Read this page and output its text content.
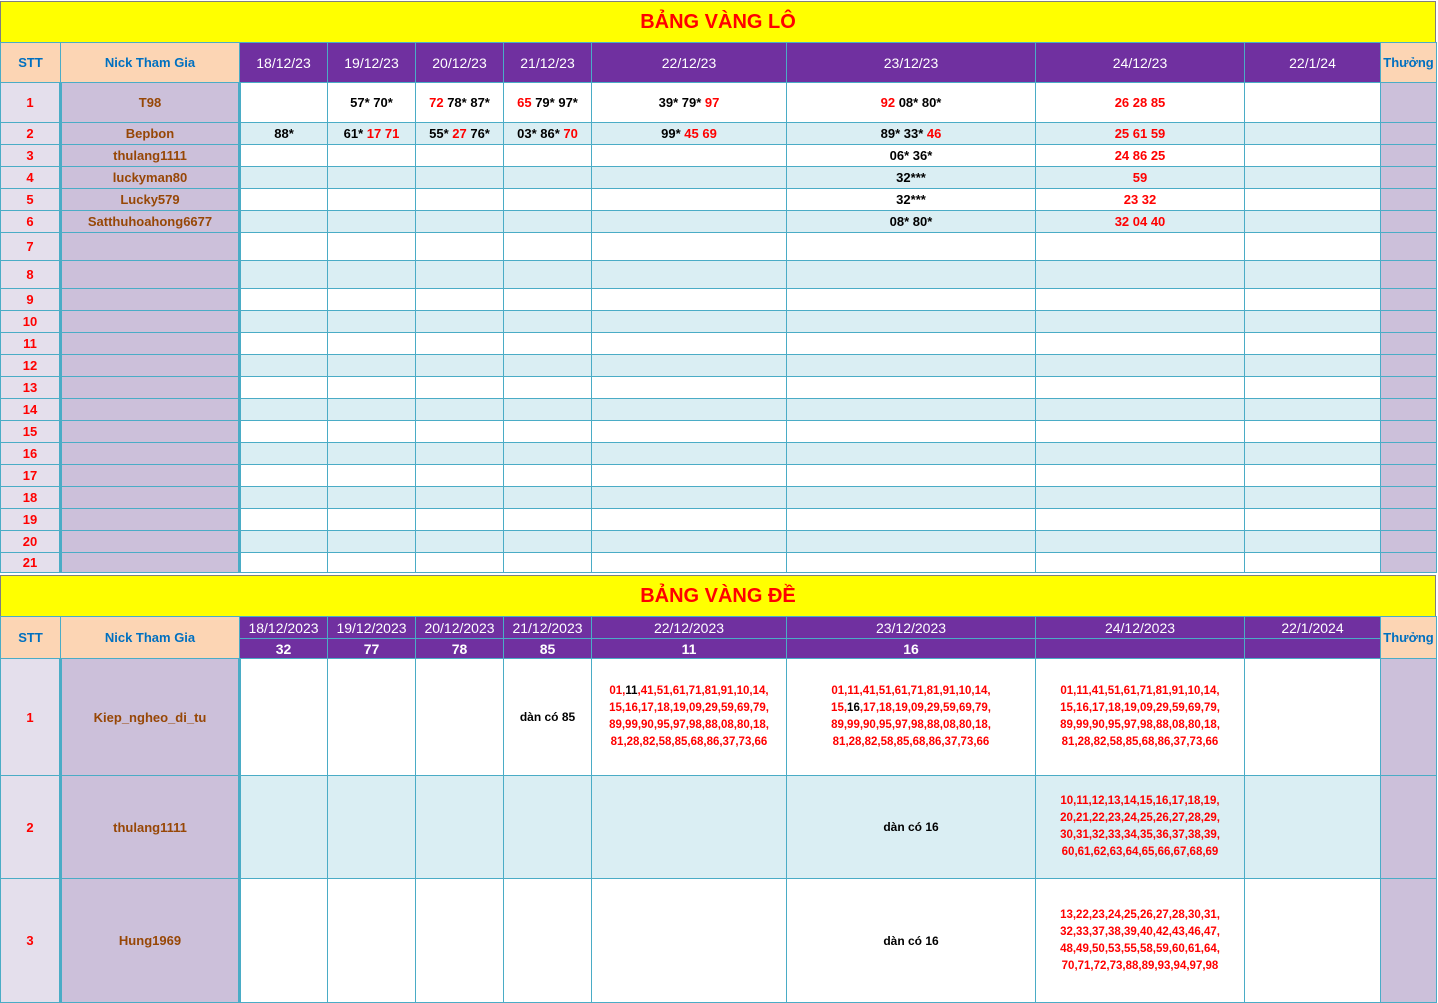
BẢNG VÀNG LÔ
STT	Nick Tham Gia	18/12/23	19/12/23	20/12/23	21/12/23	22/12/23	23/12/23	24/12/23	22/1/24	Thưởng
1	T98		57* 70*	72 78* 87*	65 79* 97*	39* 79* 97	92 08* 80*	26 28 85		
2	Bepbon	88*	61* 17 71	55* 27 76*	03* 86* 70	99* 45 69	89* 33* 46	25 61 59		
3	thulang1111						06* 36*	24 86 25		
4	luckyman80						32***	59		
5	Lucky579						32***	23 32		
6	Satthuhoahong6677						08* 80*	32 04 40		
7										
8										
9										
10										
11										
12										
13										
14										
15										
16										
17										
18										
19										
20										
21										
BẢNG VÀNG ĐỀ
STT	Nick Tham Gia	18/12/2023	19/12/2023	20/12/2023	21/12/2023	22/12/2023	23/12/2023	24/12/2023	22/1/2024	Thưởng
		32	77	78	85	11	16			
1	Kiep_ngheo_di_tu				dàn có 85	01,11,41,51,61,71,81,91,10,14,
15,16,17,18,19,09,29,59,69,79,
89,99,90,95,97,98,88,08,80,18,
81,28,82,58,85,68,86,37,73,66	01,11,41,51,61,71,81,91,10,14,
15,16,17,18,19,09,29,59,69,79,
89,99,90,95,97,98,88,08,80,18,
81,28,82,58,85,68,86,37,73,66	01,11,41,51,61,71,81,91,10,14,
15,16,17,18,19,09,29,59,69,79,
89,99,90,95,97,98,88,08,80,18,
81,28,82,58,85,68,86,37,73,66		
2	thulang1111						dàn có 16	10,11,12,13,14,15,16,17,18,19,
20,21,22,23,24,25,26,27,28,29,
30,31,32,33,34,35,36,37,38,39,
60,61,62,63,64,65,66,67,68,69		
3	Hung1969						dàn có 16	13,22,23,24,25,26,27,28,30,31,
32,33,37,38,39,40,42,43,46,47,
48,49,50,53,55,58,59,60,61,64,
70,71,72,73,88,89,93,94,97,98		
